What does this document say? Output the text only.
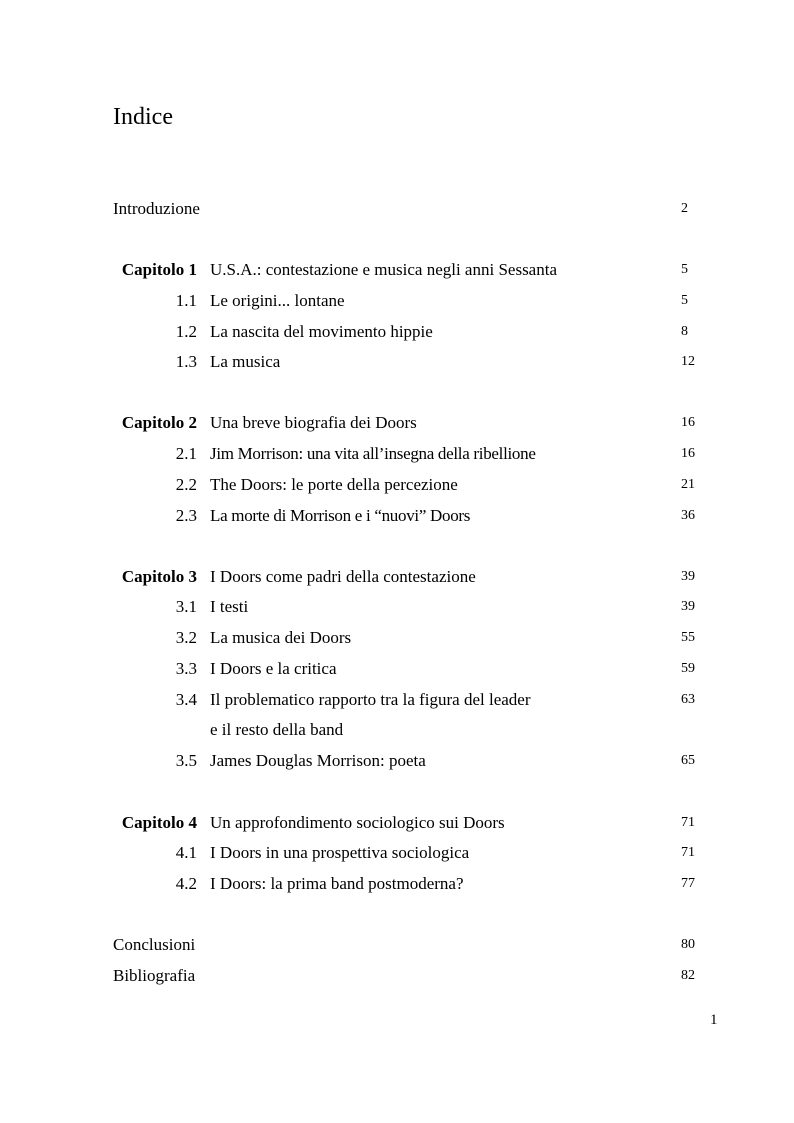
Indice
Introduzione	2
Capitolo 1 U.S.A.: contestazione e musica negli anni Sessanta	5
1.1 Le origini... lontane	5
1.2 La nascita del movimento hippie	8
1.3 La musica	12
Capitolo 2 Una breve biografia dei Doors	16
2.1 Jim Morrison: una vita all’insegna della ribellione	16
2.2 The Doors: le porte della percezione	21
2.3 La morte di Morrison e i “nuovi” Doors	36
Capitolo 3 I Doors come padri della contestazione	39
3.1 I testi	39
3.2 La musica dei Doors	55
3.3 I Doors e la critica	59
3.4 Il problematico rapporto tra la figura del leader	63
e il resto della band
3.5 James Douglas Morrison: poeta	65
Capitolo 4 Un approfondimento sociologico sui Doors	71
4.1 I Doors in una prospettiva sociologica	71
4.2 I Doors: la prima band postmoderna?	77
Conclusioni	80
Bibliografia	82
1
